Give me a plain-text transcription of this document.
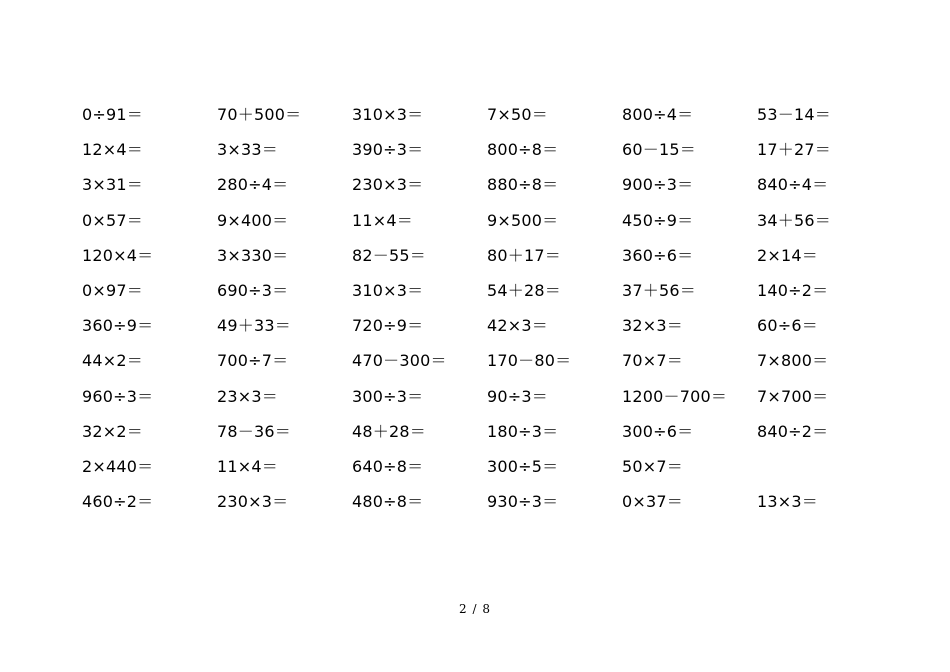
0÷91＝	70＋500＝	310×3＝	7×50＝	800÷4＝	53－14＝
12×4＝	3×33＝	390÷3＝	800÷8＝	60－15＝	17＋27＝
3×31＝	280÷4＝	230×3＝	880÷8＝	900÷3＝	840÷4＝
0×57＝	9×400＝	11×4＝	9×500＝	450÷9＝	34＋56＝
120×4＝	3×330＝	82－55＝	80＋17＝	360÷6＝	2×14＝
0×97＝	690÷3＝	310×3＝	54＋28＝	37＋56＝	140÷2＝
360÷9＝	49＋33＝	720÷9＝	42×3＝	32×3＝	60÷6＝
44×2＝	700÷7＝	470－300＝	170－80＝	70×7＝	7×800＝
960÷3＝	23×3＝	300÷3＝	90÷3＝	1200－700＝ 7×700＝
32×2＝	78－36＝	48＋28＝	180÷3＝	300÷6＝	840÷2＝
2×440＝	11×4＝	640÷8＝	300÷5＝	50×7＝
460÷2＝	230×3＝	480÷8＝	930÷3＝	0×37＝	13×3＝
2 / 8
